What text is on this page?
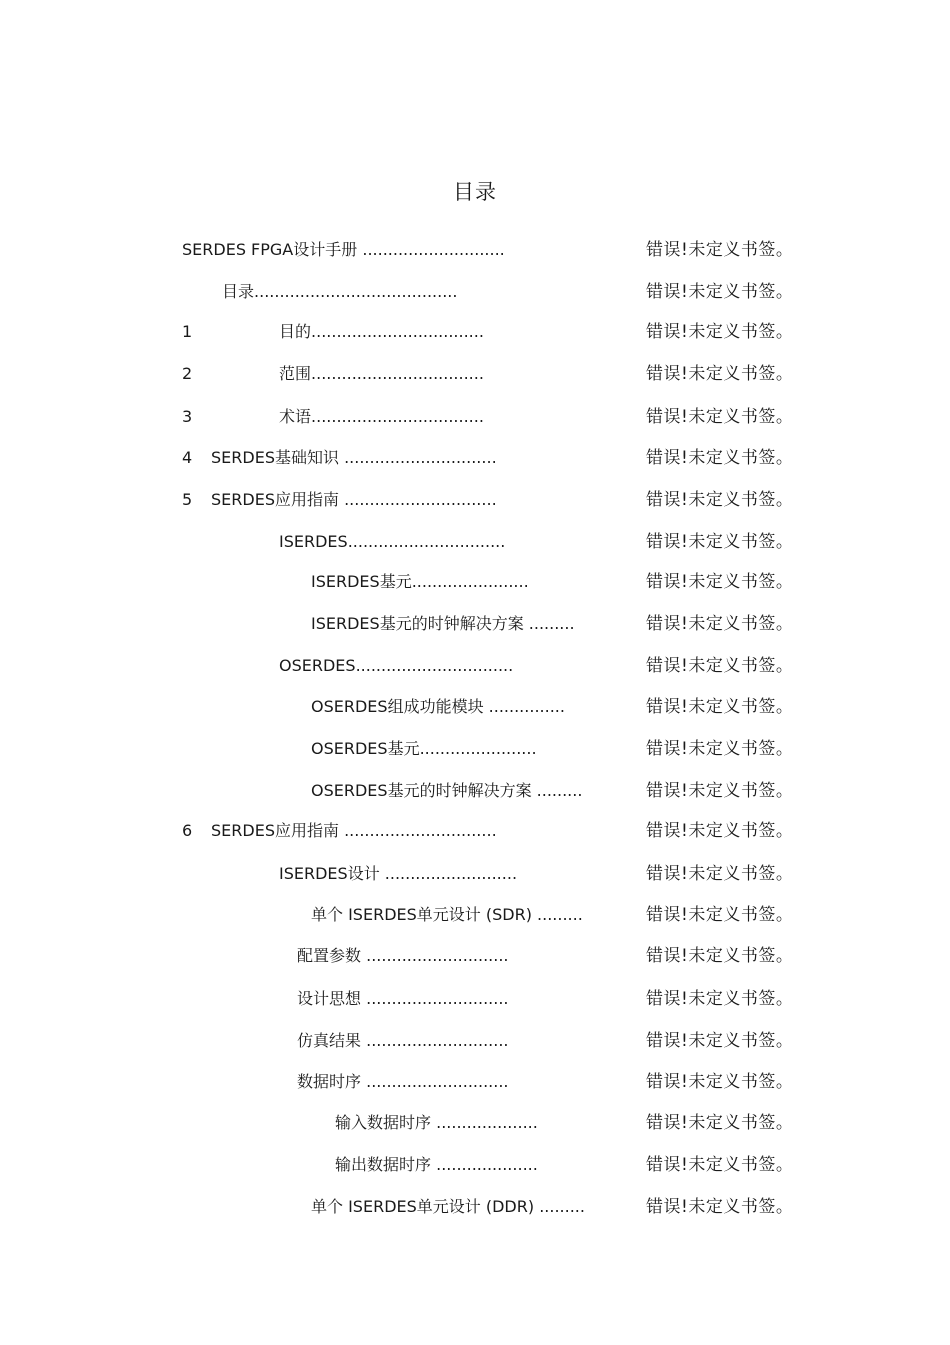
目录
SERDES FPGA设计手册 ............................	错误!未定义书签。
目录........................................	错误!未定义书签。
1	目的..................................	错误!未定义书签。
2	范围..................................	错误!未定义书签。
3	术语..................................	错误!未定义书签。
4 SERDES基础知识 ..............................	错误!未定义书签。
5 SERDES应用指南 ..............................	错误!未定义书签。
ISERDES...............................	错误!未定义书签。
ISERDES基元.......................	错误!未定义书签。
ISERDES基元的时钟解决方案 .........	错误!未定义书签。
OSERDES...............................	错误!未定义书签。
OSERDES组成功能模块 ...............	错误!未定义书签。
OSERDES基元.......................	错误!未定义书签。
OSERDES基元的时钟解决方案 .........	错误!未定义书签。
6 SERDES应用指南 ..............................	错误!未定义书签。
ISERDES设计 ..........................	错误!未定义书签。
单个 ISERDES单元设计 (SDR) .........	错误!未定义书签。
配置参数 ............................	错误!未定义书签。
设计思想 ............................	错误!未定义书签。
仿真结果 ............................	错误!未定义书签。
数据时序 ............................	错误!未定义书签。
输入数据时序 ....................	错误!未定义书签。
输出数据时序 ....................	错误!未定义书签。
单个 ISERDES单元设计 (DDR) .........	错误!未定义书签。
